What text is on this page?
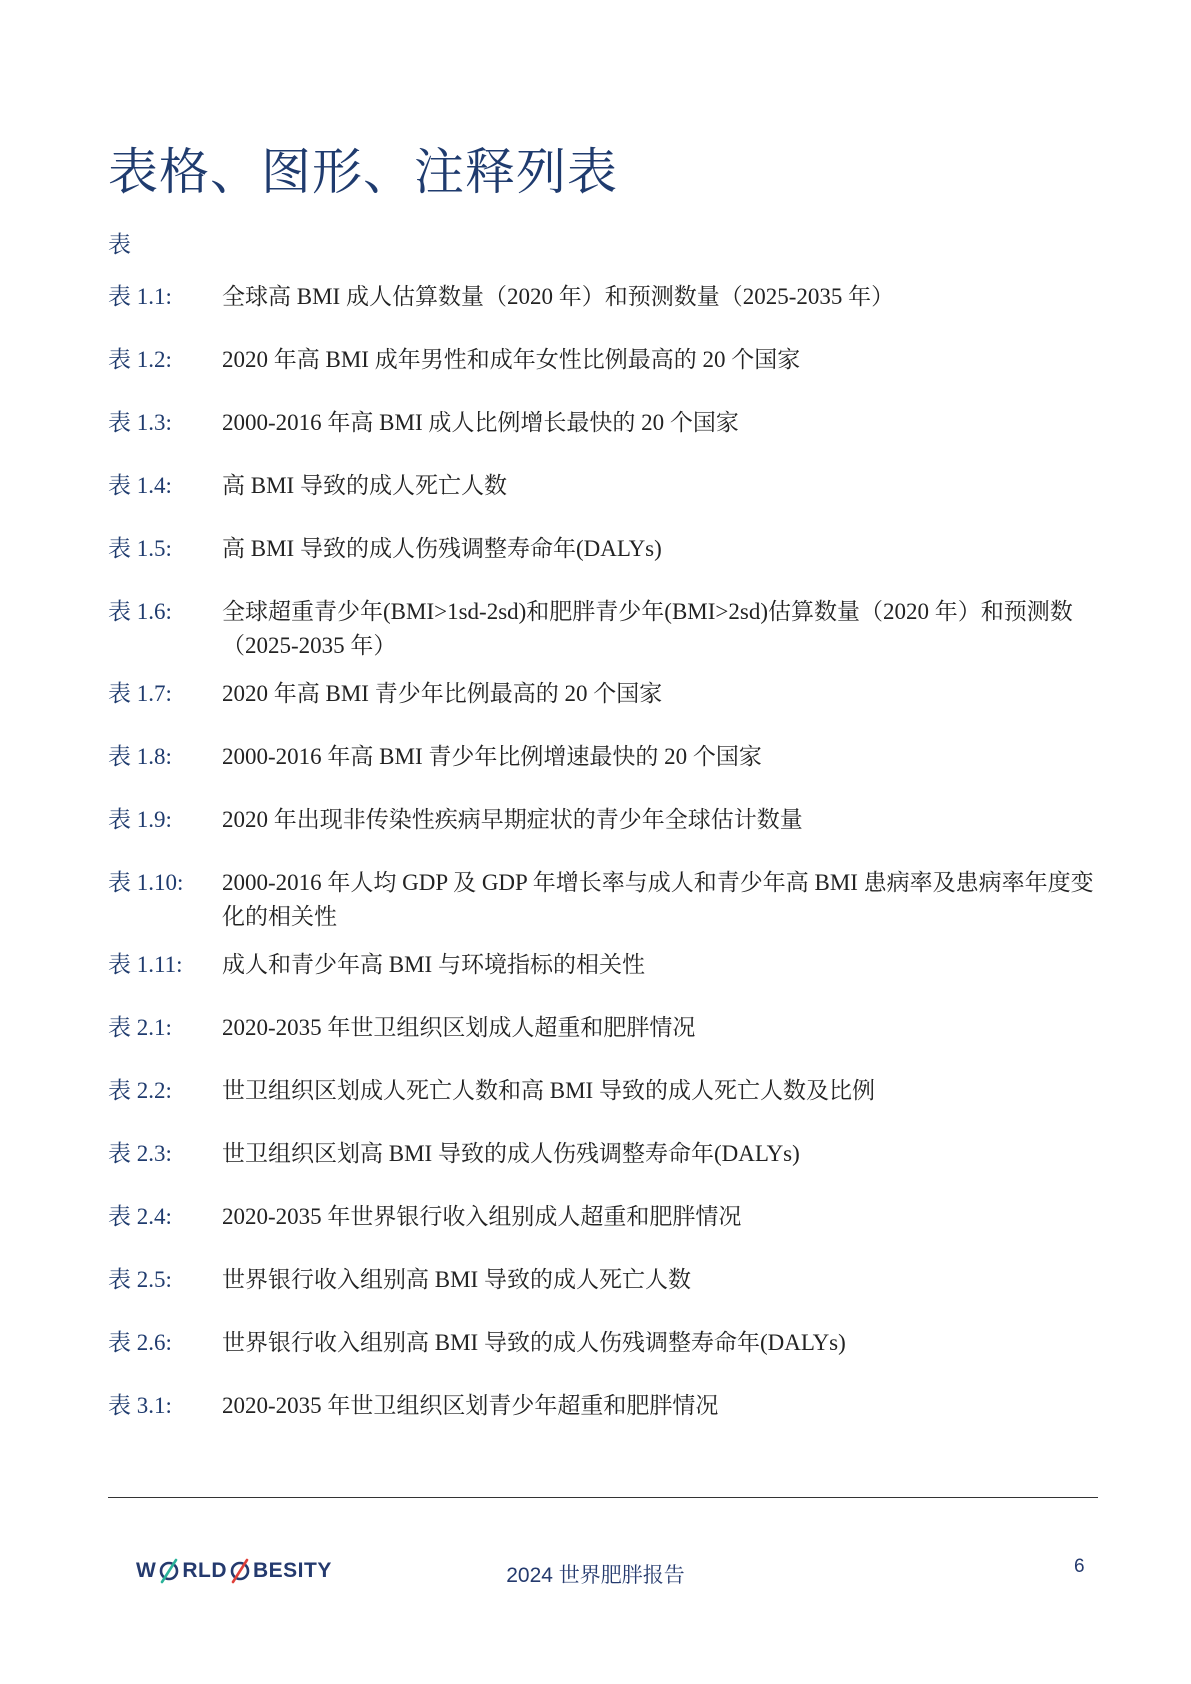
表格、图形、注释列表
表
表 1.1:	全球高 BMI 成人估算数量（2020 年）和预测数量（2025-2035 年）
表 1.2:	2020 年高 BMI 成年男性和成年女性比例最高的 20 个国家
表 1.3:	2000-2016 年高 BMI 成人比例增长最快的 20 个国家
表 1.4:	高 BMI 导致的成人死亡人数
表 1.5:	高 BMI 导致的成人伤残调整寿命年(DALYs)
表 1.6:	全球超重青少年(BMI>1sd-2sd)和肥胖青少年(BMI>2sd)估算数量（2020 年）和预测数（2025-2035 年）
表 1.7:	2020 年高 BMI 青少年比例最高的 20 个国家
表 1.8:	2000-2016 年高 BMI 青少年比例增速最快的 20 个国家
表 1.9:	2020 年出现非传染性疾病早期症状的青少年全球估计数量
表 1.10:	2000-2016 年人均 GDP 及 GDP 年增长率与成人和青少年高 BMI 患病率及患病率年度变化的相关性
表 1.11:	成人和青少年高 BMI 与环境指标的相关性
表 2.1:	2020-2035 年世卫组织区划成人超重和肥胖情况
表 2.2:	世卫组织区划成人死亡人数和高 BMI 导致的成人死亡人数及比例
表 2.3:	世卫组织区划高 BMI 导致的成人伤残调整寿命年(DALYs)
表 2.4:	2020-2035 年世界银行收入组别成人超重和肥胖情况
表 2.5:	世界银行收入组别高 BMI 导致的成人死亡人数
表 2.6:	世界银行收入组别高 BMI 导致的成人伤残调整寿命年(DALYs)
表 3.1:	2020-2035 年世卫组织区划青少年超重和肥胖情况
W RLD BESITY	2024 世界肥胖报告	6
